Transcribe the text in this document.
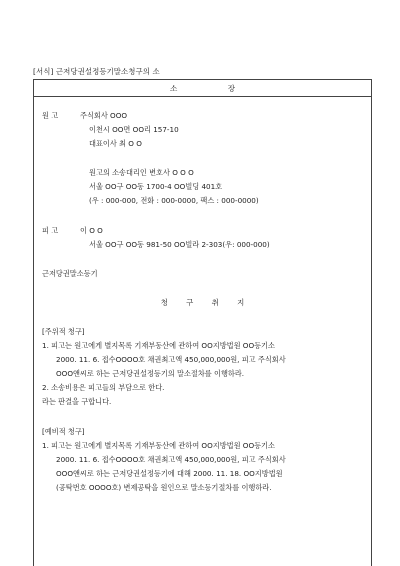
[서식] 근저당권설정등기말소청구의 소
소 장
원 고	주식회사 OOO
이천시 OO면 OO리 157-10
대표이사 최 O O
원고의 소송대리인 변호사 O O O
서울 OO구 OO동 1700-4 OO빌딩 401호
(우 : 000-000, 전화 : 000-0000, 팩스 : 000-0000)
피 고	이 O O
서울 OO구 OO동 981-50 OO빌라 2-303(우: 000-000)
근저당권말소등기
청 구 취 지
[주위적 청구]
1. 피고는 원고에게 별지목록 기재부동산에 관하여 OO지방법원 OO등기소
2000. 11. 6. 접수OOOO호 채권최고액 450,000,000원, 피고 주식회사
OOO앤씨로 하는 근저당권설정등기의 말소절차를 이행하라.
2. 소송비용은 피고들의 부담으로 한다.
라는 판결을 구합니다.
[예비적 청구]
1. 피고는 원고에게 별지목록 기재부동산에 관하여 OO지방법원 OO등기소
2000. 11. 6. 접수OOOO호 채권최고액 450,000,000원, 피고 주식회사
OOO앤씨로 하는 근저당권설정등기에 대해 2000. 11. 18. OO지방법원
(공탁번호 OOOO호) 변제공탁을 원인으로 말소등기절차를 이행하라.
